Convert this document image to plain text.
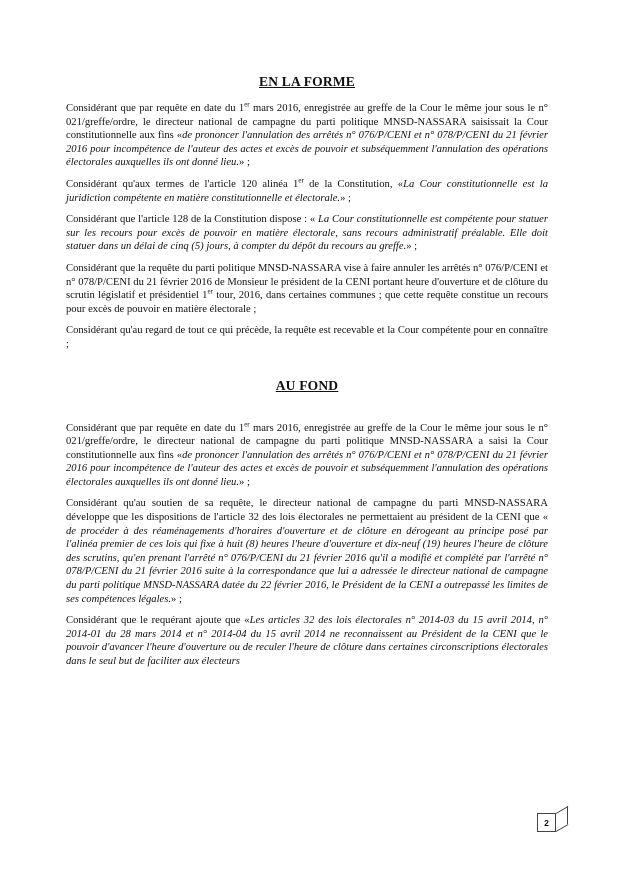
EN LA FORME

Considérant que par requête en date du 1er mars 2016, enregistrée au greffe de la Cour le même jour sous le n° 021/greffe/ordre, le directeur national de campagne du parti politique MNSD-NASSARA saisissait la Cour constitutionnelle aux fins «de prononcer l'annulation des arrêtés n° 076/P/CENI et n° 078/P/CENI du 21 février 2016 pour incompétence de l'auteur des actes et excès de pouvoir et subséquemment l'annulation des opérations électorales auxquelles ils ont donné lieu.» ;

Considérant qu'aux termes de l'article 120 alinéa 1er de la Constitution, «La Cour constitutionnelle est la juridiction compétente en matière constitutionnelle et électorale.» ;

Considérant que l'article 128 de la Constitution dispose : « La Cour constitutionnelle est compétente pour statuer sur les recours pour excès de pouvoir en matière électorale, sans recours administratif préalable. Elle doit statuer dans un délai de cinq (5) jours, à compter du dépôt du recours au greffe.» ;

Considérant que la requête du parti politique MNSD-NASSARA vise à faire annuler les arrêtés n° 076/P/CENI et n° 078/P/CENI du 21 février 2016 de Monsieur le président de la CENI portant heure d'ouverture et de clôture du scrutin législatif et présidentiel 1er tour, 2016, dans certaines communes ; que cette requête constitue un recours pour excès de pouvoir en matière électorale ;

Considérant qu'au regard de tout ce qui précède, la requête est recevable et la Cour compétente pour en connaître ;

AU FOND

Considérant que par requête en date du 1er mars 2016, enregistrée au greffe de la Cour le même jour sous le n° 021/greffe/ordre, le directeur national de campagne du parti politique MNSD-NASSARA a saisi la Cour constitutionnelle aux fins «de prononcer l'annulation des arrêtés n° 076/P/CENI et n° 078/P/CENI du 21 février 2016 pour incompétence de l'auteur des actes et excès de pouvoir et subséquemment l'annulation des opérations électorales auxquelles ils ont donné lieu.» ;

Considérant qu'au soutien de sa requête, le directeur national de campagne du parti MNSD-NASSARA développe que les dispositions de l'article 32 des lois électorales ne permettaient au président de la CENI que « de procéder à des réaménagements d'horaires d'ouverture et de clôture en dérogeant au principe posé par l'alinéa premier de ces lois qui fixe à huit (8) heures l'heure d'ouverture et dix-neuf (19) heures l'heure de clôture des scrutins, qu'en prenant l'arrêté n° 076/P/CENI du 21 février 2016 qu'il a modifié et complété par l'arrêté n° 078/P/CENI du 21 février 2016 suite à la correspondance que lui a adressée le directeur national de campagne du parti politique MNSD-NASSARA datée du 22 février 2016, le Président de la CENI a outrepassé les limites de ses compétences légales.» ;

Considérant que le requérant ajoute que «Les articles 32 des lois électorales n° 2014-03 du 15 avril 2014, n° 2014-01 du 28 mars 2014 et n° 2014-04 du 15 avril 2014 ne reconnaissent au Président de la CENI que le pouvoir d'avancer l'heure d'ouverture ou de reculer l'heure de clôture dans certaines circonscriptions électorales dans le seul but de faciliter aux électeurs

2
